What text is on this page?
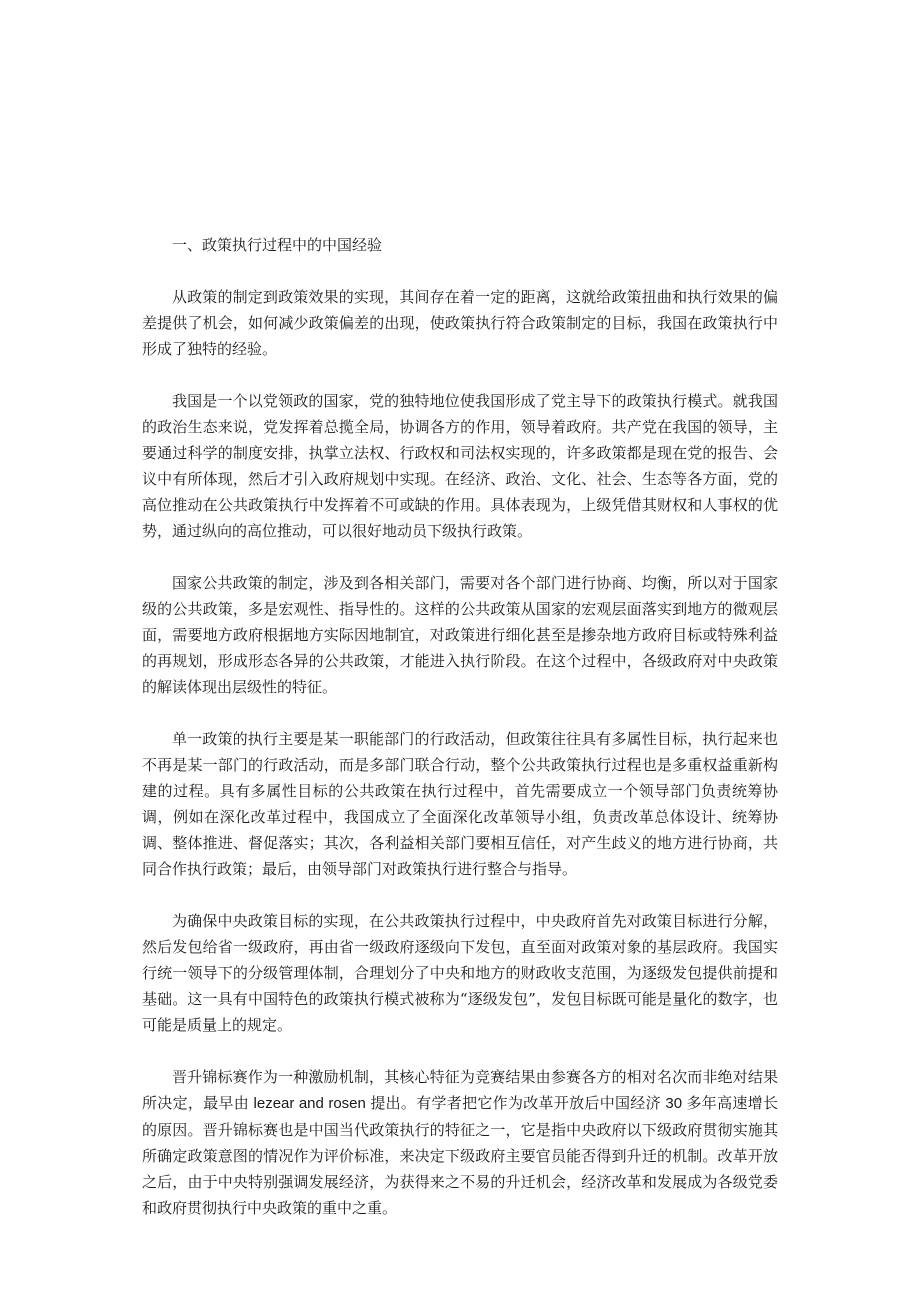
一、政策执行过程中的中国经验

从政策的制定到政策效果的实现，其间存在着一定的距离，这就给政策扭曲和执行效果的偏差提供了机会，如何减少政策偏差的出现，使政策执行符合政策制定的目标，我国在政策执行中形成了独特的经验。

我国是一个以党领政的国家，党的独特地位使我国形成了党主导下的政策执行模式。就我国的政治生态来说，党发挥着总揽全局，协调各方的作用，领导着政府。共产党在我国的领导，主要通过科学的制度安排，执掌立法权、行政权和司法权实现的，许多政策都是现在党的报告、会议中有所体现，然后才引入政府规划中实现。在经济、政治、文化、社会、生态等各方面，党的高位推动在公共政策执行中发挥着不可或缺的作用。具体表现为，上级凭借其财权和人事权的优势，通过纵向的高位推动，可以很好地动员下级执行政策。

国家公共政策的制定，涉及到各相关部门，需要对各个部门进行协商、均衡，所以对于国家级的公共政策，多是宏观性、指导性的。这样的公共政策从国家的宏观层面落实到地方的微观层面，需要地方政府根据地方实际因地制宜，对政策进行细化甚至是掺杂地方政府目标或特殊利益的再规划，形成形态各异的公共政策，才能进入执行阶段。在这个过程中，各级政府对中央政策的解读体现出层级性的特征。

单一政策的执行主要是某一职能部门的行政活动，但政策往往具有多属性目标，执行起来也不再是某一部门的行政活动，而是多部门联合行动，整个公共政策执行过程也是多重权益重新构建的过程。具有多属性目标的公共政策在执行过程中，首先需要成立一个领导部门负责统筹协调，例如在深化改革过程中，我国成立了全面深化改革领导小组，负责改革总体设计、统筹协调、整体推进、督促落实；其次，各利益相关部门要相互信任，对产生歧义的地方进行协商，共同合作执行政策；最后，由领导部门对政策执行进行整合与指导。

为确保中央政策目标的实现，在公共政策执行过程中，中央政府首先对政策目标进行分解，然后发包给省一级政府，再由省一级政府逐级向下发包，直至面对政策对象的基层政府。我国实行统一领导下的分级管理体制，合理划分了中央和地方的财政收支范围，为逐级发包提供前提和基础。这一具有中国特色的政策执行模式被称为“逐级发包”，发包目标既可能是量化的数字，也可能是质量上的规定。

晋升锦标赛作为一种激励机制，其核心特征为竞赛结果由参赛各方的相对名次而非绝对结果所决定，最早由 lezear and rosen 提出。有学者把它作为改革开放后中国经济 30 多年高速增长的原因。晋升锦标赛也是中国当代政策执行的特征之一，它是指中央政府以下级政府贯彻实施其所确定政策意图的情况作为评价标准，来决定下级政府主要官员能否得到升迁的机制。改革开放之后，由于中央特别强调发展经济，为获得来之不易的升迁机会，经济改革和发展成为各级党委和政府贯彻执行中央政策的重中之重。
